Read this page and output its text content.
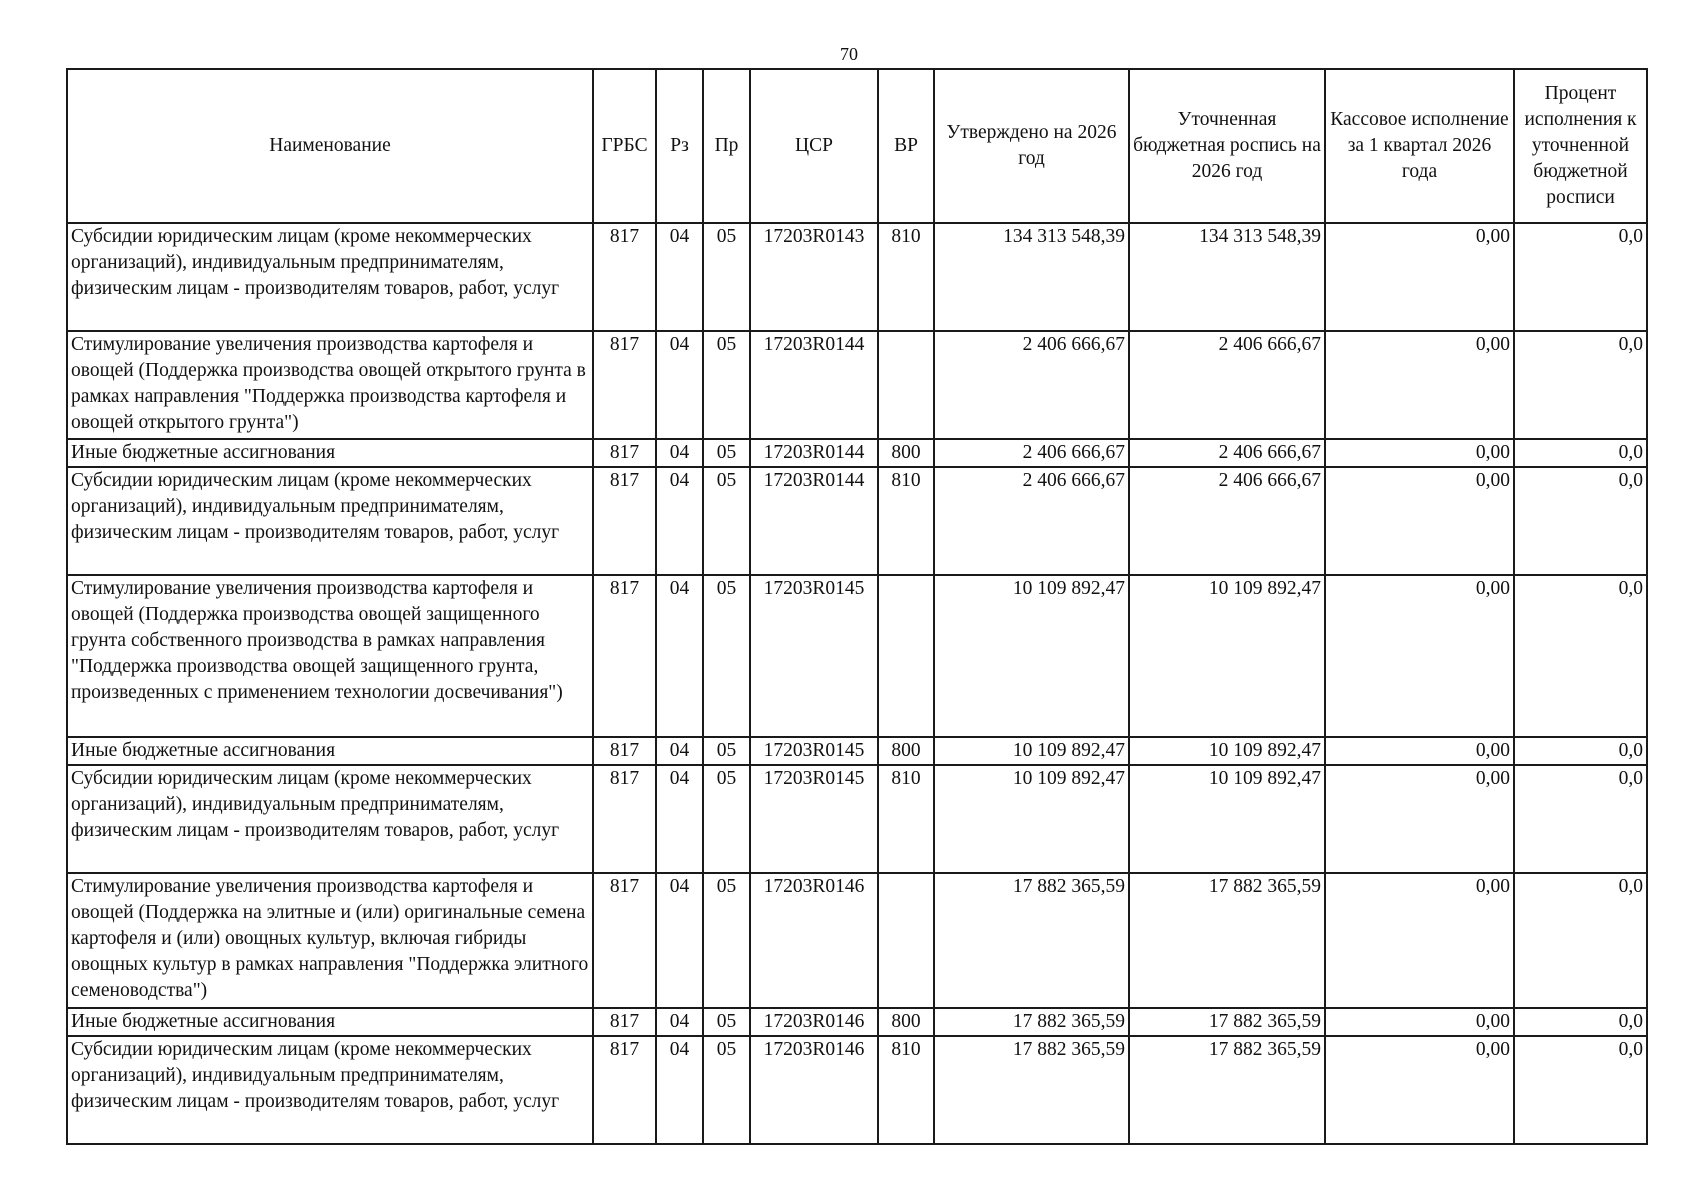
70
Наименование	ГРБС	Рз	Пр	ЦСР	ВР	Утверждено на 2026 год	Уточненная бюджетная роспись на 2026 год	Кассовое исполнение за 1 квартал 2026 года	Процент исполнения к уточненной бюджетной росписи
Субсидии юридическим лицам (кроме некоммерческих организаций), индивидуальным предпринимателям, физическим лицам - производителям товаров, работ, услуг	817	04	05	17203R0143	810	134 313 548,39	134 313 548,39	0,00	0,0
Стимулирование увеличения производства картофеля и овощей (Поддержка производства овощей открытого грунта в рамках направления "Поддержка производства картофеля и овощей открытого грунта")	817	04	05	17203R0144		2 406 666,67	2 406 666,67	0,00	0,0
Иные бюджетные ассигнования	817	04	05	17203R0144	800	2 406 666,67	2 406 666,67	0,00	0,0
Субсидии юридическим лицам (кроме некоммерческих организаций), индивидуальным предпринимателям, физическим лицам - производителям товаров, работ, услуг	817	04	05	17203R0144	810	2 406 666,67	2 406 666,67	0,00	0,0
Стимулирование увеличения производства картофеля и овощей (Поддержка производства овощей защищенного грунта собственного производства в рамках направления "Поддержка производства овощей защищенного грунта, произведенных с применением технологии досвечивания")	817	04	05	17203R0145		10 109 892,47	10 109 892,47	0,00	0,0
Иные бюджетные ассигнования	817	04	05	17203R0145	800	10 109 892,47	10 109 892,47	0,00	0,0
Субсидии юридическим лицам (кроме некоммерческих организаций), индивидуальным предпринимателям, физическим лицам - производителям товаров, работ, услуг	817	04	05	17203R0145	810	10 109 892,47	10 109 892,47	0,00	0,0
Стимулирование увеличения производства картофеля и овощей (Поддержка на элитные и (или) оригинальные семена картофеля и (или) овощных культур, включая гибриды овощных культур в рамках направления "Поддержка элитного семеноводства")	817	04	05	17203R0146		17 882 365,59	17 882 365,59	0,00	0,0
Иные бюджетные ассигнования	817	04	05	17203R0146	800	17 882 365,59	17 882 365,59	0,00	0,0
Субсидии юридическим лицам (кроме некоммерческих организаций), индивидуальным предпринимателям, физическим лицам - производителям товаров, работ, услуг	817	04	05	17203R0146	810	17 882 365,59	17 882 365,59	0,00	0,0
